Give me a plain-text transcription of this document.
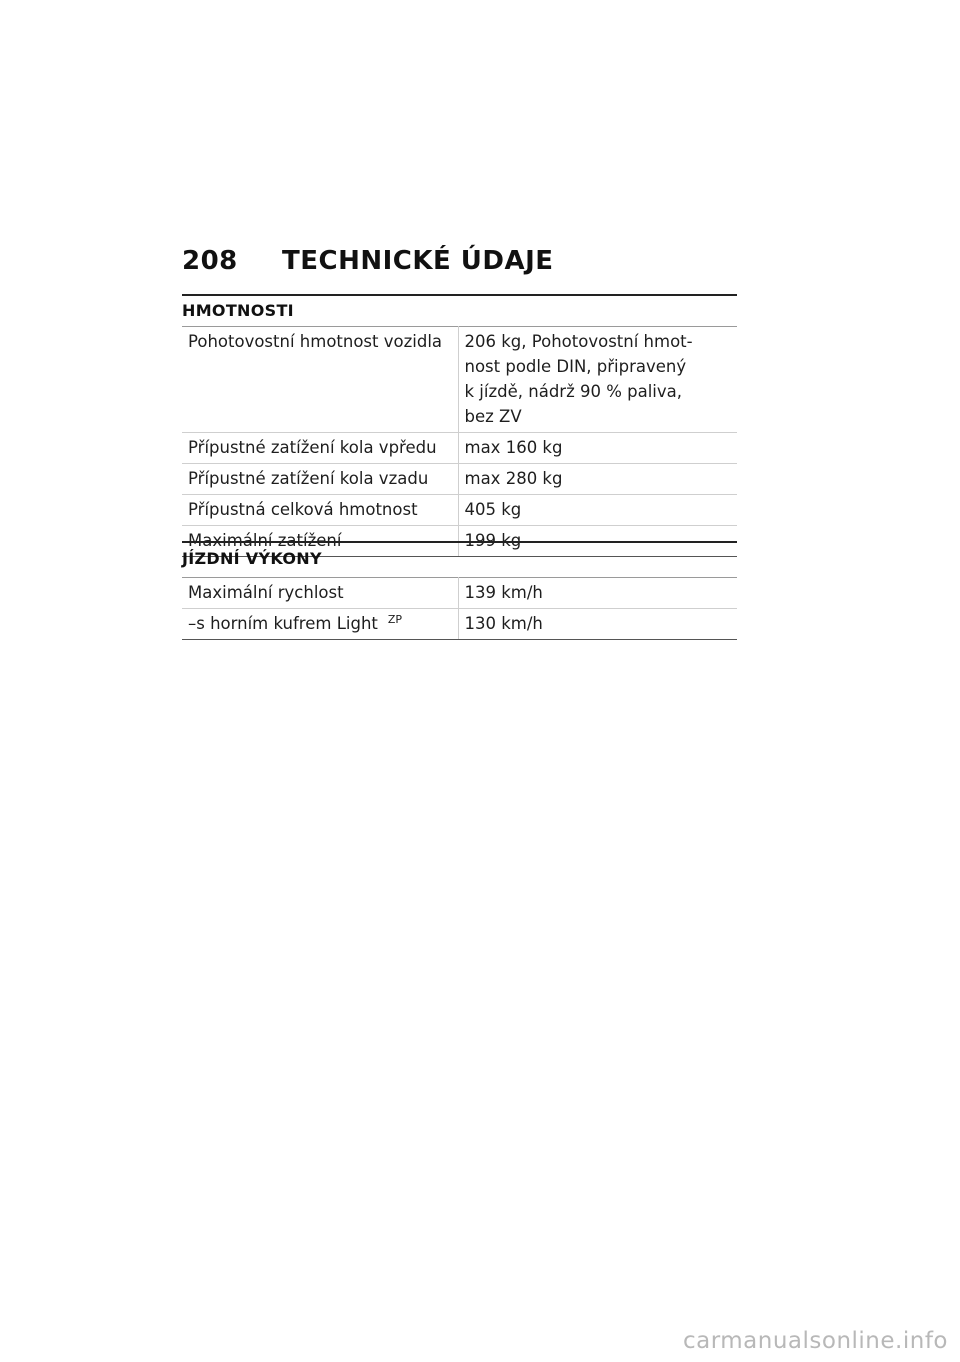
208	TECHNICKÉ ÚDAJE
HMOTNOSTI
Pohotovostní hmotnost vozidla	206 kg, Pohotovostní hmot-
nost podle DIN, připravený
k jízdě, nádrž 90 % paliva,
bez ZV

Přípustné zatížení kola vpředu	max 160 kg
Přípustné zatížení kola vzadu	max 280 kg
Přípustná celková hmotnost	405 kg
Maximální zatížení	199 kg
JÍZDNÍ VÝKONY
Maximální rychlost	139 km/h
–s horním kufrem Light $^{ZP}$	130 km/h
carmanualsonline.info
